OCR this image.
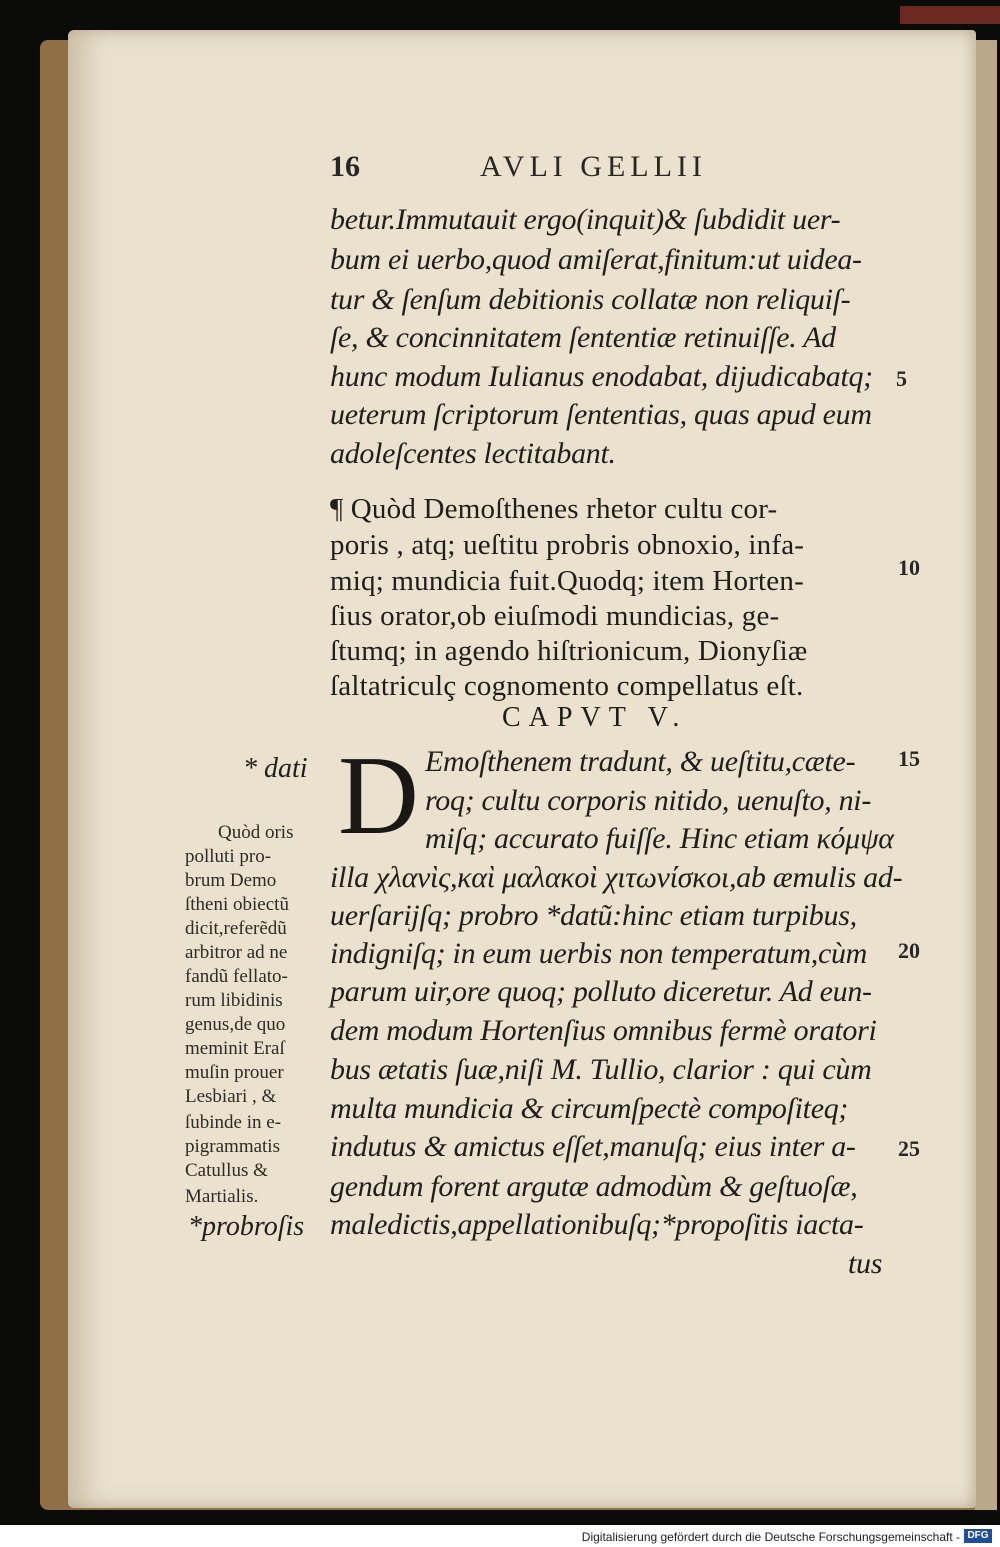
16	AVLI GELLII
betur.Immutauit ergo(inquit)& ſubdidit uer-
bum ei uerbo,quod amiſerat,finitum:ut uidea-
tur & ſenſum debitionis collatæ non reliquiſ-
ſe, & concinnitatem ſententiæ retinuiſſe. Ad
hunc modum Iulianus enodabat, dijudicabatq;
ueterum ſcriptorum ſententias, quas apud eum
adoleſcentes lectitabant.
¶ Quòd Demoſthenes rhetor cultu cor-
poris , atq; ueſtitu probris obnoxio, infa-
miq; mundicia fuit.Quodq; item Horten-
ſius orator,ob eiuſmodi mundicias, ge-
ſtumq; in agendo hiſtrionicum, Dionyſiæ
ſaltatriculç cognomento compellatus eſt.
CAPVT V.
D Emoſthenem tradunt, & ueſtitu,cæte-
roq; cultu corporis nitido, uenuſto, ni-
miſq; accurato fuiſſe. Hinc etiam κόμψα
illa χλανὶς,καὶ μαλακοὶ χιτωνίσκοι,ab æmulis ad-
uerſarijſq; probro *datũ:hinc etiam turpibus,
indigniſq; in eum uerbis non temperatum,cùm
parum uir,ore quoq; polluto diceretur. Ad eun-
dem modum Hortenſius omnibus fermè oratori
bus ætatis ſuæ,niſi M. Tullio, clarior : qui cùm
multa mundicia & circumſpectè compoſiteq;
indutus & amictus eſſet,manuſq; eius inter a-
gendum forent argutæ admodùm & geſtuoſæ,
maledictis,appellationibuſq;*propoſitis iacta-
tus
5
10
15
20
25
* dati
Quòd oris
polluti pro-
brum Demo
ſtheni obiectũ
dicit,referẽdũ
arbitror ad ne
fandũ fellato-
rum libidinis
genus,de quo
meminit Eraſ
muſin prouer
Lesbiari , &
ſubinde in e-
pigrammatis
Catullus &
Martialis.
*probroſis
Digitalisierung gefördert durch die Deutsche Forschungsgemeinschaft - DFG
